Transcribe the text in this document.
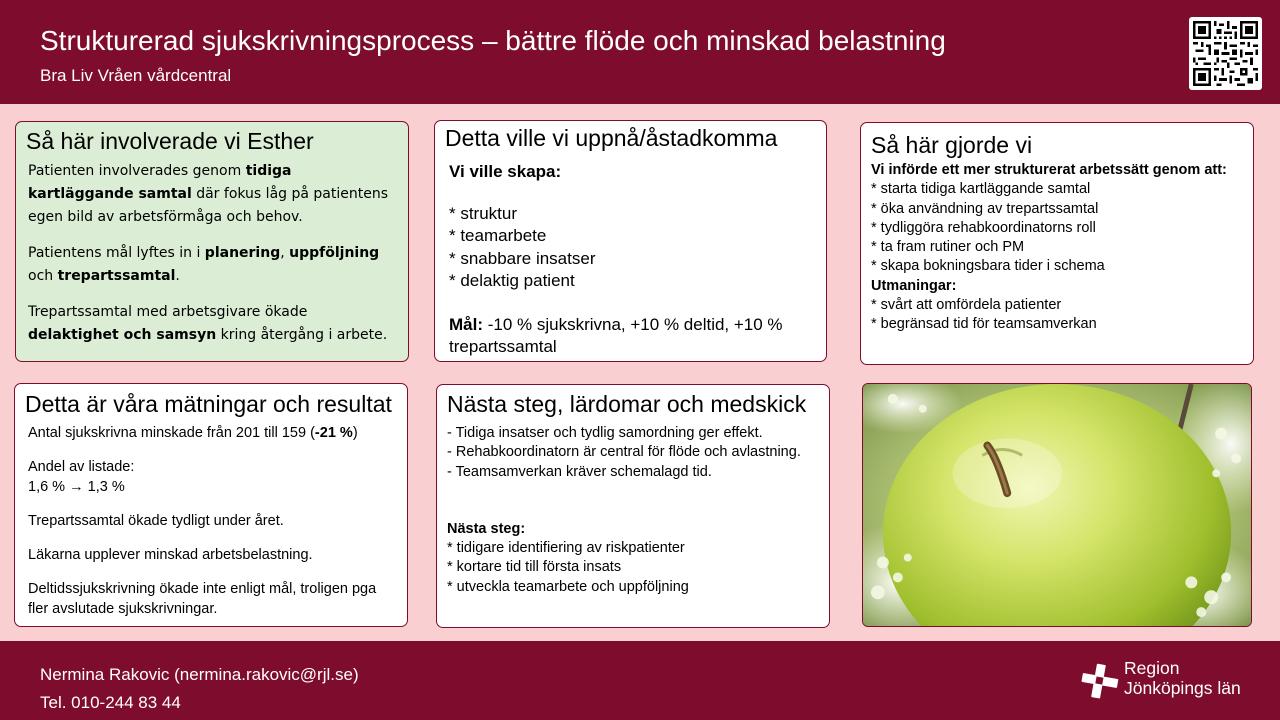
Strukturerad sjukskrivningsprocess – bättre flöde och minskad belastning
Bra Liv Vråen vårdcentral
Så här involverade vi Esther

Patienten involverades genom tidiga kartläggande samtal där fokus låg på patientens egen bild av arbetsförmåga och behov.

Patientens mål lyftes in i planering, uppföljning och trepartssamtal.

Trepartssamtal med arbetsgivare ökade delaktighet och samsyn kring återgång i arbete.

Detta ville vi uppnå/åstadkomma
Vi ville skapa:
* struktur
* teamarbete
* snabbare insatser
* delaktig patient
Mål: -10 % sjukskrivna, +10 % deltid, +10 % trepartssamtal
Så här gjorde vi
Vi införde ett mer strukturerat arbetssätt genom att:
* starta tidiga kartläggande samtal
* öka användning av trepartssamtal
* tydliggöra rehabkoordinatorns roll
* ta fram rutiner och PM
* skapa bokningsbara tider i schema
Utmaningar:
* svårt att omfördela patienter
* begränsad tid för teamsamverkan
Detta är våra mätningar och resultat

Antal sjukskrivna minskade från 201 till 159 (-21 %)

Andel av listade:
1,6 % → 1,3 %

Trepartssamtal ökade tydligt under året.

Läkarna upplever minskad arbetsbelastning.

Deltidssjukskrivning ökade inte enligt mål, troligen pga fler avslutade sjukskrivningar.

Nästa steg, lärdomar och medskick
- Tidiga insatser och tydlig samordning ger effekt.
- Rehabkoordinatorn är central för flöde och avlastning.
- Teamsamverkan kräver schemalagd tid.
Nästa steg:
* tidigare identifiering av riskpatienter
* kortare tid till första insats
* utveckla teamarbete och uppföljning
Nermina Rakovic (nermina.rakovic@rjl.se)
Tel. 010-244 83 44
Region
Jönköpings län
